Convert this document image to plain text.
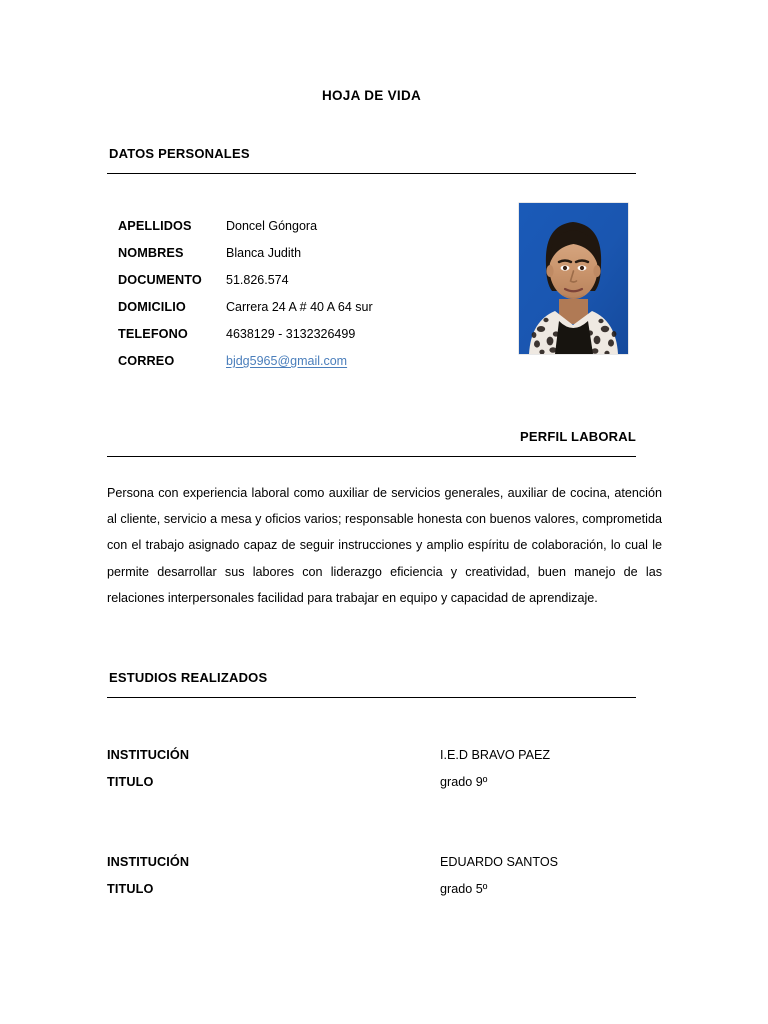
HOJA DE VIDA
DATOS PERSONALES
APELLIDOS	Doncel Góngora
NOMBRES	Blanca Judith
DOCUMENTO	51.826.574
DOMICILIO	Carrera 24 A # 40 A 64 sur
TELEFONO	4638129 - 3132326499
CORREO	bjdg5965@gmail.com
PERFIL LABORAL
Persona con experiencia laboral como auxiliar de servicios generales, auxiliar de cocina, atención al cliente, servicio a mesa y oficios varios; responsable honesta con buenos valores, comprometida con el trabajo asignado capaz de seguir instrucciones y amplio espíritu de colaboración, lo cual le permite desarrollar sus labores con liderazgo eficiencia y creatividad, buen manejo de las relaciones interpersonales facilidad para trabajar en equipo y capacidad de aprendizaje.
ESTUDIOS REALIZADOS
INSTITUCIÓN	I.E.D BRAVO PAEZ
TITULO	grado 9º
INSTITUCIÓN	EDUARDO SANTOS
TITULO	grado 5º
